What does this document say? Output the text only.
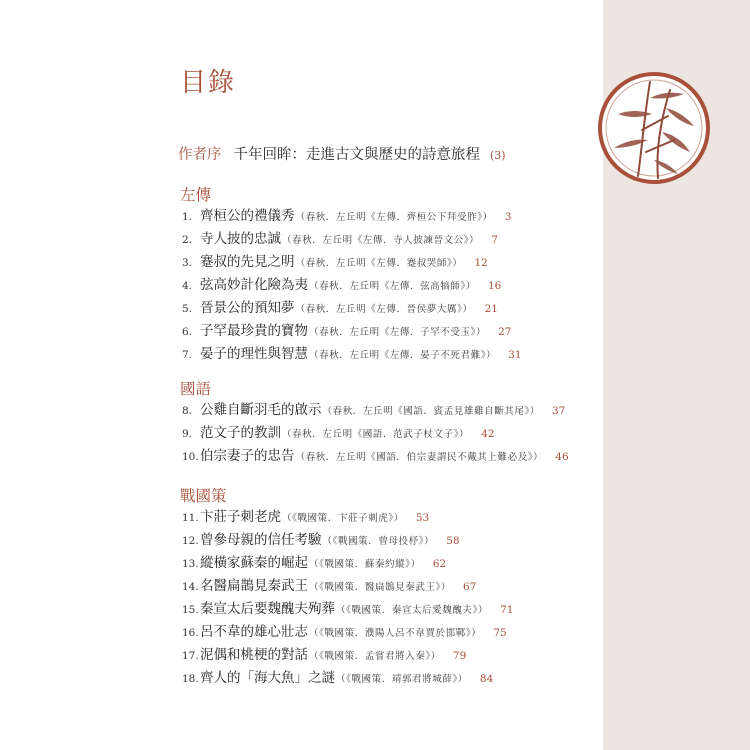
目錄
作者序 千年回眸：走進古文與歷史的詩意旅程 (3)
左傳
1. 齊桓公的禮儀秀（春秋．左丘明《左傳．齊桓公下拜受胙》） 3
2. 寺人披的忠誠（春秋．左丘明《左傳．寺人披諫晉文公》） 7
3. 蹇叔的先見之明（春秋．左丘明《左傳．蹇叔哭師》） 12
4. 弦高妙計化險為夷（春秋．左丘明《左傳．弦高犒師》） 16
5. 晉景公的預知夢（春秋．左丘明《左傳．晉侯夢大厲》） 21
6. 子罕最珍貴的寶物（春秋．左丘明《左傳．子罕不受玉》） 27
7. 晏子的理性與智慧（春秋．左丘明《左傳．晏子不死君難》） 31
國語
8. 公雞自斷羽毛的啟示（春秋．左丘明《國語．賓孟見雄雞自斷其尾》） 37
9. 范文子的教訓（春秋．左丘明《國語．范武子杖文子》） 42
10.伯宗妻子的忠告（春秋．左丘明《國語．伯宗妻謂民不戴其上難必及》） 46
戰國策
11.卞莊子刺老虎（《戰國策．卞莊子刺虎》） 53
12.曾參母親的信任考驗（《戰國策．曾母投杼》） 58
13.縱橫家蘇秦的崛起（《戰國策．蘇秦約縱》） 62
14.名醫扁鵲見秦武王（《戰國策．醫扁鵲見秦武王》） 67
15.秦宣太后要魏醜夫殉葬（《戰國策．秦宣太后愛魏醜夫》） 71
16.呂不韋的雄心壯志（《戰國策．濮陽人呂不韋賈於邯鄲》） 75
17.泥偶和桃梗的對話（《戰國策．孟嘗君將入秦》） 79
18.齊人的「海大魚」之謎（《戰國策．靖郭君將城薛》） 84
